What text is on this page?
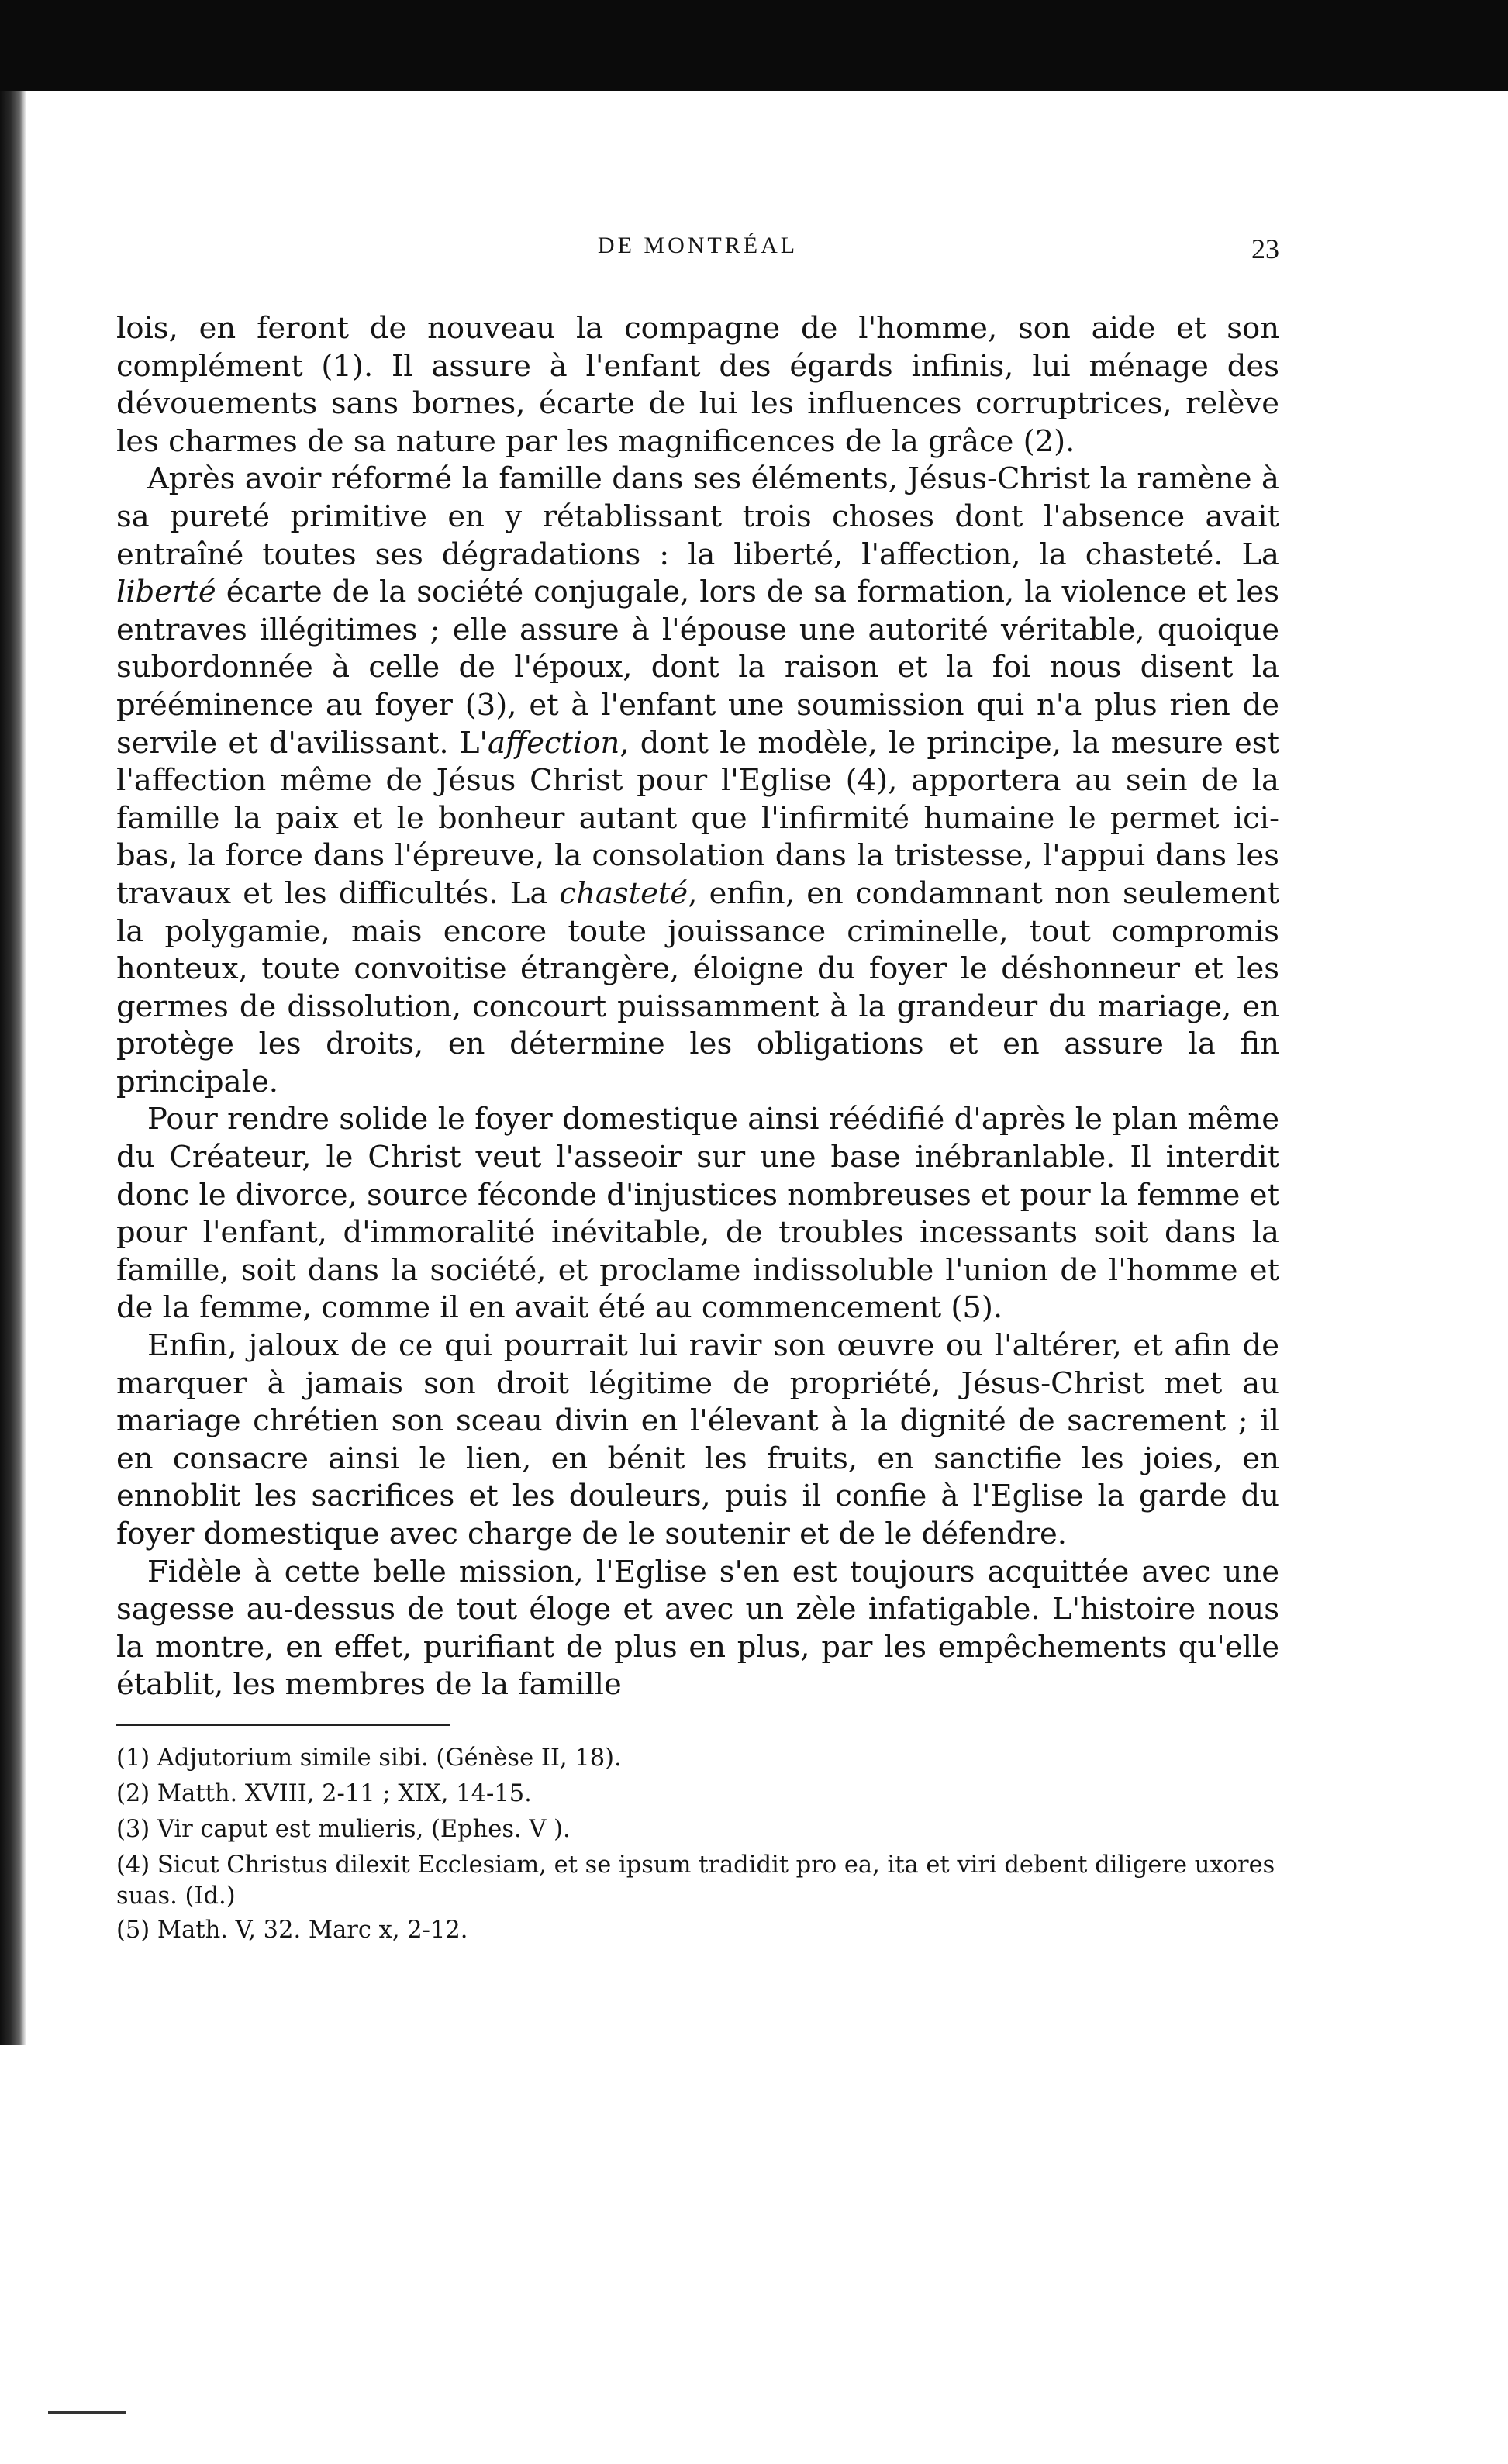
DE MONTRÉAL	23

lois, en feront de nouveau la compagne de l'homme, son aide et son complément (1). Il assure à l'enfant des égards infinis, lui ménage des dévouements sans bornes, écarte de lui les influences corruptrices, relève les charmes de sa nature par les magnificences de la grâce (2).

Après avoir réformé la famille dans ses éléments, Jésus-Christ la ramène à sa pureté primitive en y rétablissant trois choses dont l'absence avait entraîné toutes ses dégradations : la liberté, l'affection, la chasteté. La liberté écarte de la société conjugale, lors de sa formation, la violence et les entraves illégitimes ; elle assure à l'épouse une autorité véritable, quoique subordonnée à celle de l'époux, dont la raison et la foi nous disent la prééminence au foyer (3), et à l'enfant une soumission qui n'a plus rien de servile et d'avilissant. L'affection, dont le modèle, le principe, la mesure est l'affection même de Jésus Christ pour l'Eglise (4), apportera au sein de la famille la paix et le bonheur autant que l'infirmité humaine le permet ici-bas, la force dans l'épreuve, la consolation dans la tristesse, l'appui dans les travaux et les difficultés. La chasteté, enfin, en condamnant non seulement la polygamie, mais encore toute jouissance criminelle, tout compromis honteux, toute convoitise étrangère, éloigne du foyer le déshonneur et les germes de dissolution, concourt puissamment à la grandeur du mariage, en protège les droits, en détermine les obligations et en assure la fin principale.

Pour rendre solide le foyer domestique ainsi réédifié d'après le plan même du Créateur, le Christ veut l'asseoir sur une base inébranlable. Il interdit donc le divorce, source féconde d'injustices nombreuses et pour la femme et pour l'enfant, d'immoralité inévitable, de troubles incessants soit dans la famille, soit dans la société, et proclame indissoluble l'union de l'homme et de la femme, comme il en avait été au commencement (5).

Enfin, jaloux de ce qui pourrait lui ravir son œuvre ou l'altérer, et afin de marquer à jamais son droit légitime de propriété, Jésus-Christ met au mariage chrétien son sceau divin en l'élevant à la dignité de sacrement ; il en consacre ainsi le lien, en bénit les fruits, en sanctifie les joies, en ennoblit les sacrifices et les douleurs, puis il confie à l'Eglise la garde du foyer domestique avec charge de le soutenir et de le défendre.

Fidèle à cette belle mission, l'Eglise s'en est toujours acquittée avec une sagesse au-dessus de tout éloge et avec un zèle infatigable. L'histoire nous la montre, en effet, purifiant de plus en plus, par les empêchements qu'elle établit, les membres de la famille

(1) Adjutorium simile sibi. (Génèse II, 18).

(2) Matth. XVIII, 2-11 ; XIX, 14-15.

(3) Vir caput est mulieris, (Ephes. V ).

(4) Sicut Christus dilexit Ecclesiam, et se ipsum tradidit pro ea, ita et viri debent diligere uxores suas. (Id.)

(5) Math. V, 32. Marc x, 2-12.
